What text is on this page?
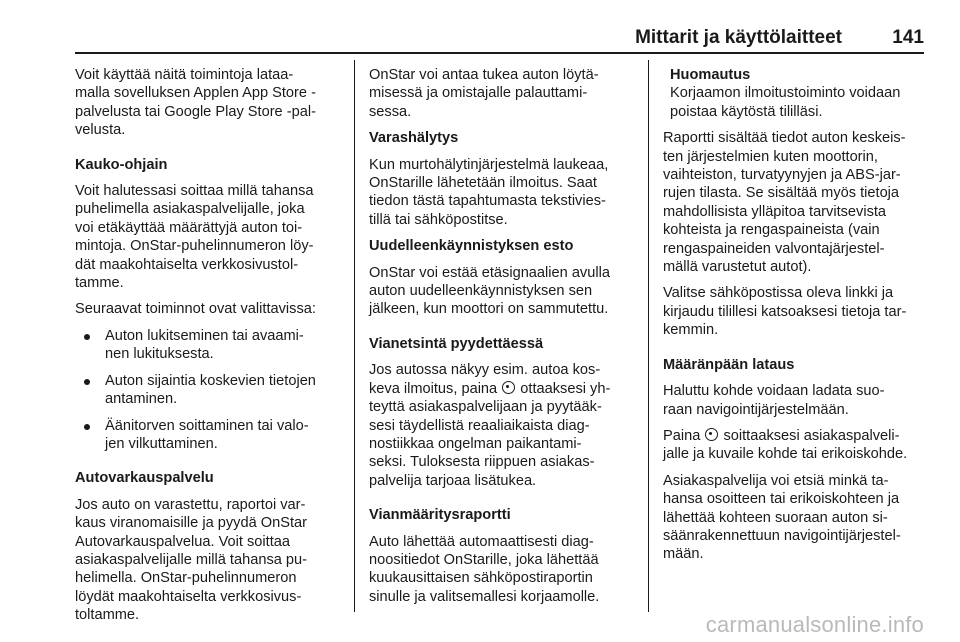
Mittarit ja käyttölaitteet	141

Voit käyttää näitä toimintoja lataa-
malla sovelluksen Applen App Store -
palvelusta tai Google Play Store -pal-
velusta.

Kauko-ohjain

Voit halutessasi soittaa millä tahansa
puhelimella asiakaspalvelijalle, joka
voi etäkäyttää määrättyjä auton toi-
mintoja. OnStar-puhelinnumeron löy-
dät maakohtaiselta verkkosivustol-
tamme.

Seuraavat toiminnot ovat valittavissa:

Auton lukitseminen tai avaami-
nen lukituksesta.
Auton sijaintia koskevien tietojen
antaminen.
Äänitorven soittaminen tai valo-
jen vilkuttaminen.

Autovarkauspalvelu

Jos auto on varastettu, raportoi var-
kaus viranomaisille ja pyydä OnStar
Autovarkauspalvelua. Voit soittaa
asiakaspalvelijalle millä tahansa pu-
helimella. OnStar-puhelinnumeron
löydät maakohtaiselta verkkosivus-
toltamme.

OnStar voi antaa tukea auton löytä-
misessä ja omistajalle palauttami-
sessa.

Varashälytys

Kun murtohälytinjärjestelmä laukeaa,
OnStarille lähetetään ilmoitus. Saat
tiedon tästä tapahtumasta tekstivies-
tillä tai sähköpostitse.

Uudelleenkäynnistyksen esto

OnStar voi estää etäsignaalien avulla
auton uudelleenkäynnistyksen sen
jälkeen, kun moottori on sammutettu.

Vianetsintä pyydettäessä

Jos autossa näkyy esim. autoa kos-
keva ilmoitus, paina ottaaksesi yh-
teyttä asiakaspalvelijaan ja pyytääk-
sesi täydellistä reaaliaikaista diag-
nostiikkaa ongelman paikantami-
seksi. Tuloksesta riippuen asiakas-
palvelija tarjoaa lisätukea.

Vianmääritysraportti

Auto lähettää automaattisesti diag-
noositiedot OnStarille, joka lähettää
kuukausittaisen sähköpostiraportin
sinulle ja valitsemallesi korjaamolle.

Huomautus

Korjaamon ilmoitustoiminto voidaan
poistaa käytöstä tililläsi.

Raportti sisältää tiedot auton keskeis-
ten järjestelmien kuten moottorin,
vaihteiston, turvatyynyjen ja ABS-jar-
rujen tilasta. Se sisältää myös tietoja
mahdollisista ylläpitoa tarvitsevista
kohteista ja rengaspaineista (vain
rengaspaineiden valvontajärjestel-
mällä varustetut autot).

Valitse sähköpostissa oleva linkki ja
kirjaudu tilillesi katsoaksesi tietoja tar-
kemmin.

Määränpään lataus

Haluttu kohde voidaan ladata suo-
raan navigointijärjestelmään.

Paina soittaaksesi asiakaspalveli-
jalle ja kuvaile kohde tai erikoiskohde.

Asiakaspalvelija voi etsiä minkä ta-
hansa osoitteen tai erikoiskohteen ja
lähettää kohteen suoraan auton si-
säänrakennettuun navigointijärjestel-
mään.

carmanualsonline.info
